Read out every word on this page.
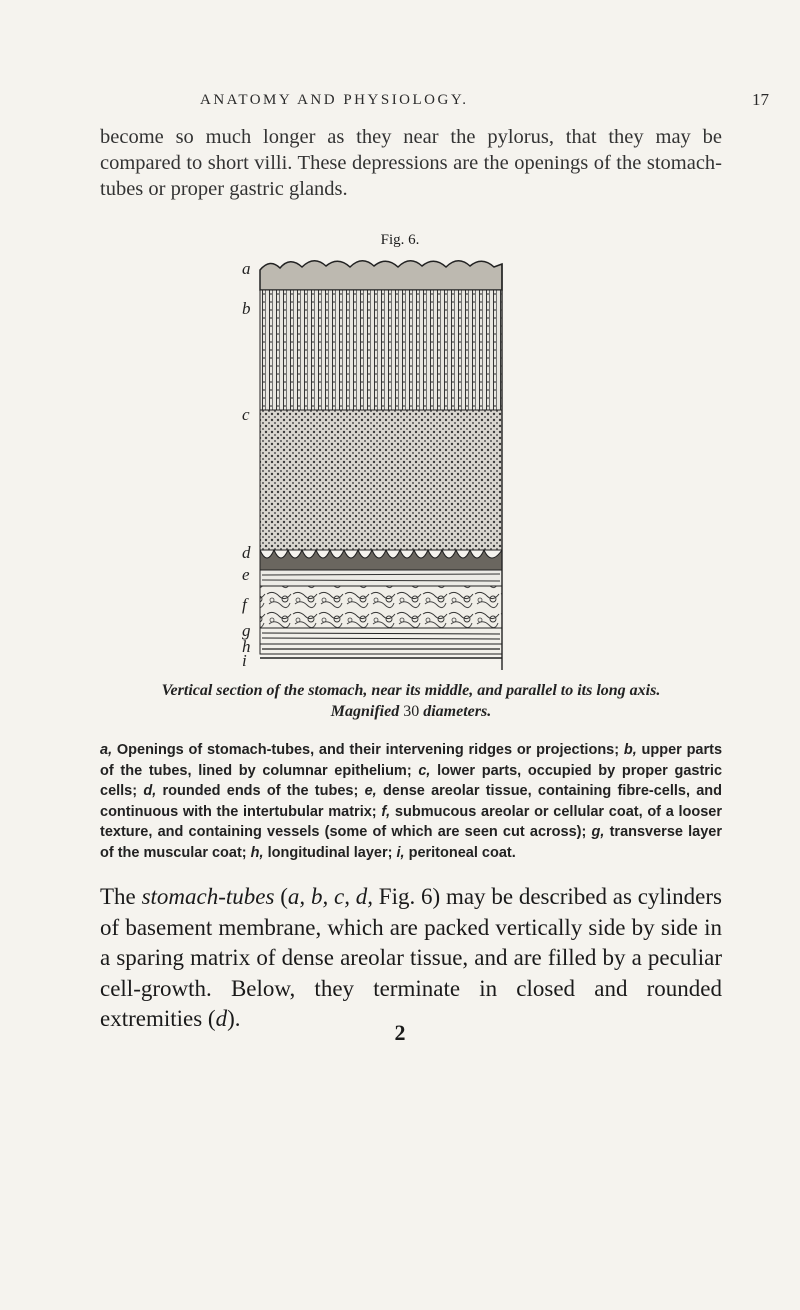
ANATOMY AND PHYSIOLOGY.	17
become so much longer as they near the pylorus, that they may be compared to short villi. These depressions are the openings of the stomach-tubes or proper gastric glands.
Fig. 6.
a
b
c
d
e
f
g
h
i
Vertical section of the stomach, near its middle, and parallel to its long axis.
Magnified 30 diameters.
a, Openings of stomach-tubes, and their intervening ridges or projections; b, upper parts of the tubes, lined by columnar epithelium; c, lower parts, occupied by proper gastric cells; d, rounded ends of the tubes; e, dense areolar tissue, containing fibre-cells, and continuous with the intertubular matrix; f, submucous areolar or cellular coat, of a looser texture, and containing vessels (some of which are seen cut across); g, transverse layer of the muscular coat; h, longitudinal layer; i, peritoneal coat.
The stomach-tubes (a, b, c, d, Fig. 6) may be described as cylinders of basement membrane, which are packed vertically side by side in a sparing matrix of dense areolar tissue, and are filled by a peculiar cell-growth. Below, they terminate in closed and rounded extremities (d).
2
